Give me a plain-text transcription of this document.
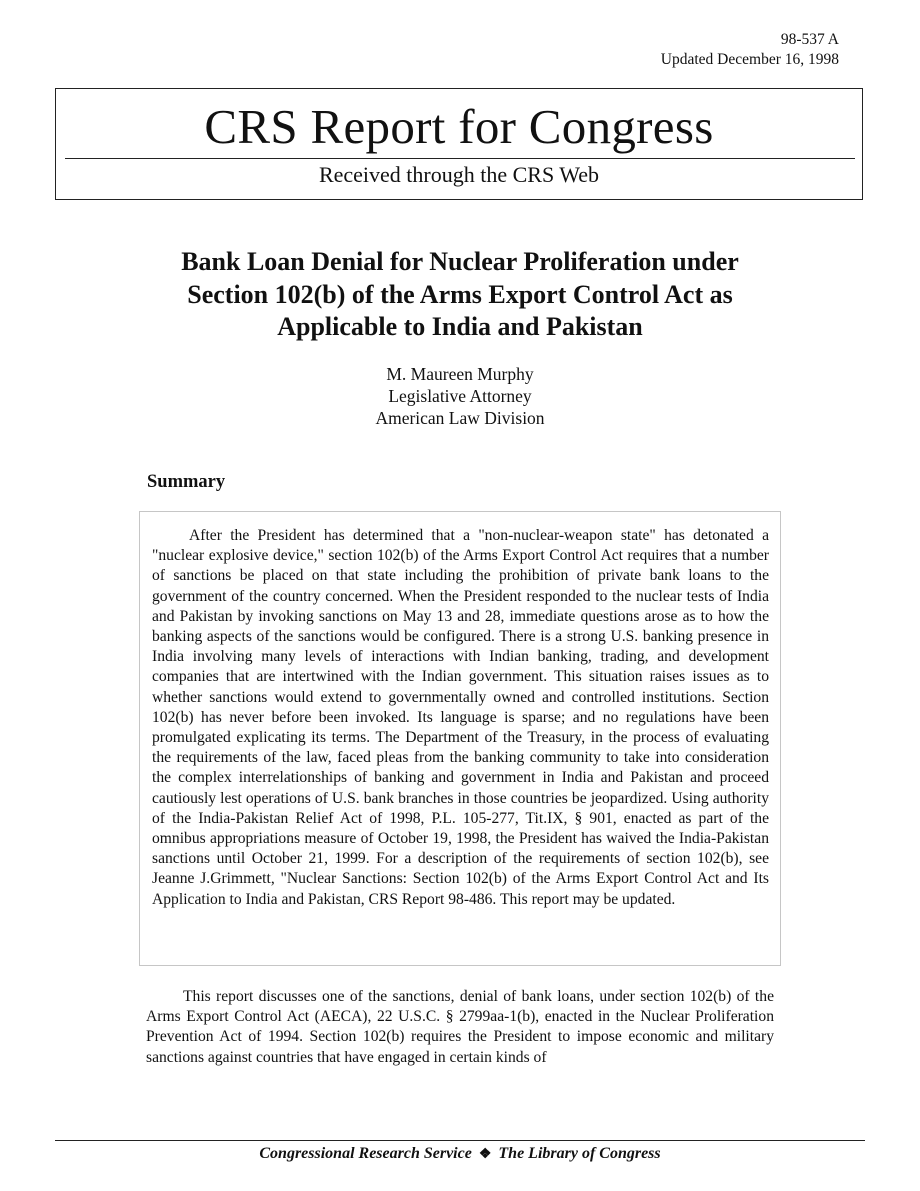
98-537 A
Updated December 16, 1998
CRS Report for Congress
Received through the CRS Web
Bank Loan Denial for Nuclear Proliferation under
Section 102(b) of the Arms Export Control Act as
Applicable to India and Pakistan
M. Maureen Murphy
Legislative Attorney
American Law Division
Summary

After the President has determined that a "non-nuclear-weapon state" has detonated a "nuclear explosive device," section 102(b) of the Arms Export Control Act requires that a number of sanctions be placed on that state including the prohibition of private bank loans to the government of the country concerned. When the President responded to the nuclear tests of India and Pakistan by invoking sanctions on May 13 and 28, immediate questions arose as to how the banking aspects of the sanctions would be configured. There is a strong U.S. banking presence in India involving many levels of interactions with Indian banking, trading, and development companies that are intertwined with the Indian government. This situation raises issues as to whether sanctions would extend to governmentally owned and controlled institutions. Section 102(b) has never before been invoked. Its language is sparse; and no regulations have been promulgated explicating its terms. The Department of the Treasury, in the process of evaluating the requirements of the law, faced pleas from the banking community to take into consideration the complex interrelationships of banking and government in India and Pakistan and proceed cautiously lest operations of U.S. bank branches in those countries be jeopardized. Using authority of the India-Pakistan Relief Act of 1998, P.L. 105-277, Tit.IX, § 901, enacted as part of the omnibus appropriations measure of October 19, 1998, the President has waived the India-Pakistan sanctions until October 21, 1999. For a description of the requirements of section 102(b), see Jeanne J.Grimmett, "Nuclear Sanctions: Section 102(b) of the Arms Export Control Act and Its Application to India and Pakistan, CRS Report 98-486. This report may be updated.

This report discusses one of the sanctions, denial of bank loans, under section 102(b) of the Arms Export Control Act (AECA), 22 U.S.C. § 2799aa-1(b), enacted in the Nuclear Proliferation Prevention Act of 1994. Section 102(b) requires the President to impose economic and military sanctions against countries that have engaged in certain kinds of

Congressional Research Service ❖ The Library of Congress
